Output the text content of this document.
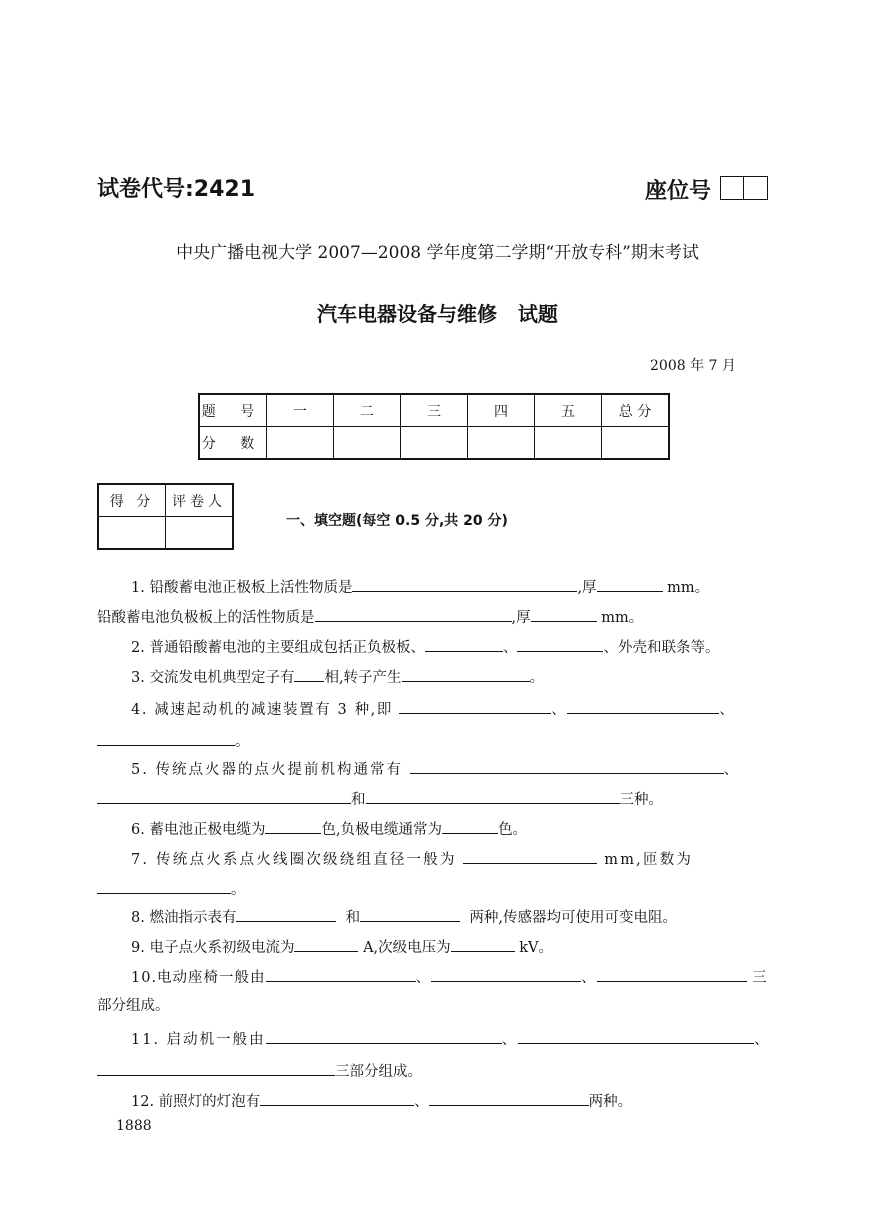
试卷代号:2421	座位号
中央广播电视大学 2007—2008 学年度第二学期“开放专科”期末考试
汽车电器设备与维修   试题
2008 年 7 月
题 号	一	二	三	四	五	总 分
分 数						
得 分	评卷人

一、填空题(每空 0.5 分,共 20 分)
1. 铅酸蓄电池正极板上活性物质是	,厚	mm。
铅酸蓄电池负极板上的活性物质是	,厚	mm。
2. 普通铅酸蓄电池的主要组成包括正负极板、	、	、外壳和联条等。
3. 交流发电机典型定子有 相,转子产生	。
4. 减速起动机的减速装置有 3 种,即	、	、
。
5. 传统点火器的点火提前机构通常有	、
和	三种。
6. 蓄电池正极电缆为	色,负极电缆通常为	色。
7. 传统点火系点火线圈次级绕组直径一般为	mm,匝数为
。
8. 燃油指示表有	和	两种,传感器均可使用可变电阻。
9. 电子点火系初级电流为	A,次级电压为	kV。
10.电动座椅一般由	、	、	三
部分组成。
11. 启动机一般由	、	、
三部分组成。
12. 前照灯的灯泡有	、	两种。
1888
